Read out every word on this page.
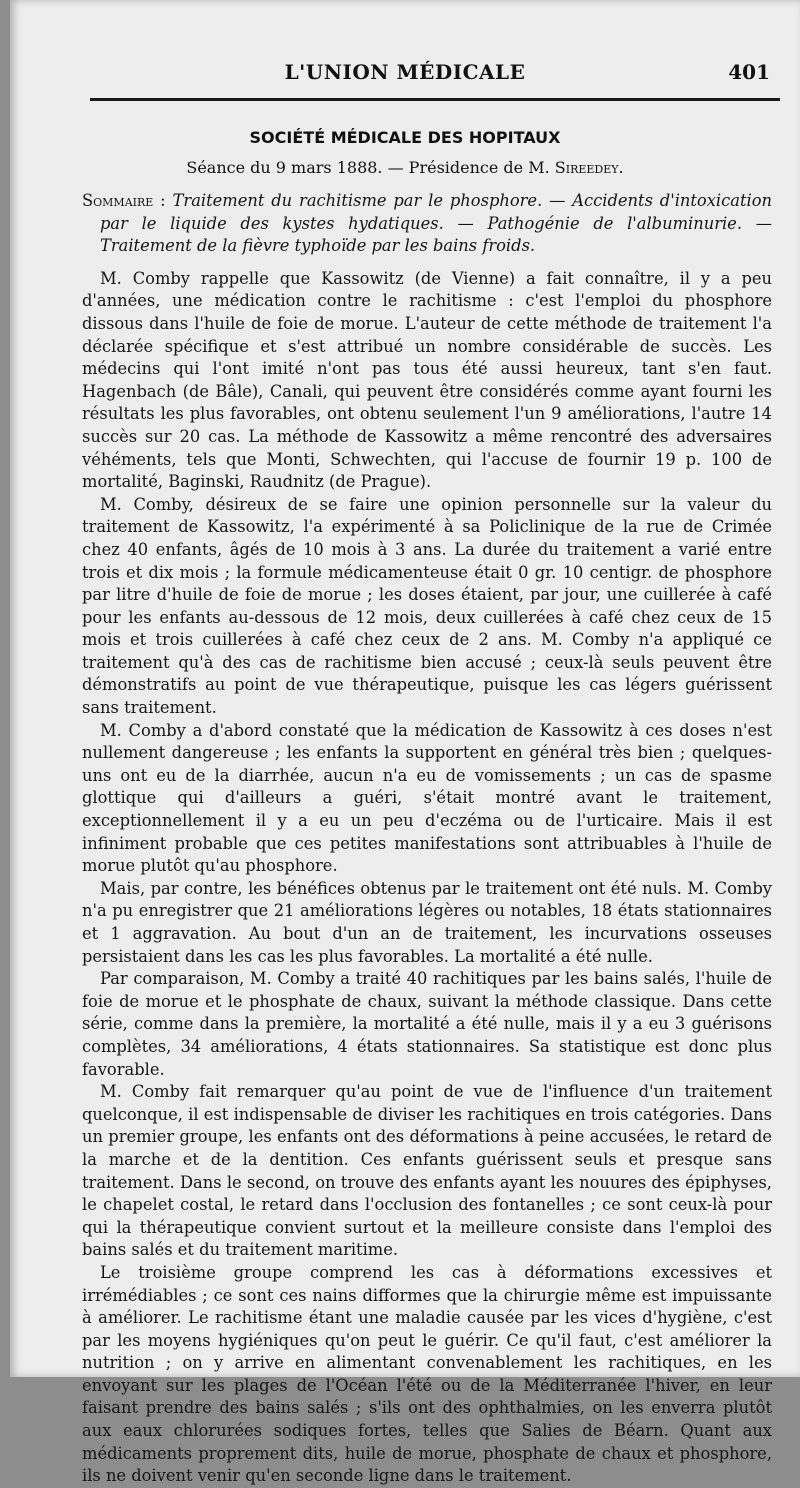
L'UNION MÉDICALE	401
SOCIÉTÉ MÉDICALE DES HOPITAUX
Séance du 9 mars 1888. — Présidence de M. Sireedey.
Sommaire : Traitement du rachitisme par le phosphore. — Accidents d'intoxication par le liquide des kystes hydatiques. — Pathogénie de l'albuminurie. — Traitement de la fièvre typhoïde par les bains froids.

M. Comby rappelle que Kassowitz (de Vienne) a fait connaître, il y a peu d'années, une médication contre le rachitisme : c'est l'emploi du phosphore dissous dans l'huile de foie de morue. L'auteur de cette méthode de traitement l'a déclarée spécifique et s'est attribué un nombre considérable de succès. Les médecins qui l'ont imité n'ont pas tous été aussi heureux, tant s'en faut. Hagenbach (de Bâle), Canali, qui peuvent être considérés comme ayant fourni les résultats les plus favorables, ont obtenu seulement l'un 9 améliorations, l'autre 14 succès sur 20 cas. La méthode de Kassowitz a même rencontré des adversaires véhéments, tels que Monti, Schwechten, qui l'accuse de fournir 19 p. 100 de mortalité, Baginski, Raudnitz (de Prague).

M. Comby, désireux de se faire une opinion personnelle sur la valeur du traitement de Kassowitz, l'a expérimenté à sa Policlinique de la rue de Crimée chez 40 enfants, âgés de 10 mois à 3 ans. La durée du traitement a varié entre trois et dix mois ; la formule médicamenteuse était 0 gr. 10 centigr. de phosphore par litre d'huile de foie de morue ; les doses étaient, par jour, une cuillerée à café pour les enfants au-dessous de 12 mois, deux cuillerées à café chez ceux de 15 mois et trois cuillerées à café chez ceux de 2 ans. M. Comby n'a appliqué ce traitement qu'à des cas de rachitisme bien accusé ; ceux-là seuls peuvent être démonstratifs au point de vue thérapeutique, puisque les cas légers guérissent sans traitement.

M. Comby a d'abord constaté que la médication de Kassowitz à ces doses n'est nullement dangereuse ; les enfants la supportent en général très bien ; quelques-uns ont eu de la diarrhée, aucun n'a eu de vomissements ; un cas de spasme glottique qui d'ailleurs a guéri, s'était montré avant le traitement, exceptionnellement il y a eu un peu d'eczéma ou de l'urticaire. Mais il est infiniment probable que ces petites manifestations sont attribuables à l'huile de morue plutôt qu'au phosphore.

Mais, par contre, les bénéfices obtenus par le traitement ont été nuls. M. Comby n'a pu enregistrer que 21 améliorations légères ou notables, 18 états stationnaires et 1 aggravation. Au bout d'un an de traitement, les incurvations osseuses persistaient dans les cas les plus favorables. La mortalité a été nulle.

Par comparaison, M. Comby a traité 40 rachitiques par les bains salés, l'huile de foie de morue et le phosphate de chaux, suivant la méthode classique. Dans cette série, comme dans la première, la mortalité a été nulle, mais il y a eu 3 guérisons complètes, 34 améliorations, 4 états stationnaires. Sa statistique est donc plus favorable.

M. Comby fait remarquer qu'au point de vue de l'influence d'un traitement quelconque, il est indispensable de diviser les rachitiques en trois catégories. Dans un premier groupe, les enfants ont des déformations à peine accusées, le retard de la marche et de la dentition. Ces enfants guérissent seuls et presque sans traitement. Dans le second, on trouve des enfants ayant les nouures des épiphyses, le chapelet costal, le retard dans l'occlusion des fontanelles ; ce sont ceux-là pour qui la thérapeutique convient surtout et la meilleure consiste dans l'emploi des bains salés et du traitement maritime.

Le troisième groupe comprend les cas à déformations excessives et irrémédiables ; ce sont ces nains difformes que la chirurgie même est impuissante à améliorer. Le rachitisme étant une maladie causée par les vices d'hygiène, c'est par les moyens hygiéniques qu'on peut le guérir. Ce qu'il faut, c'est améliorer la nutrition ; on y arrive en alimentant convenablement les rachitiques, en les envoyant sur les plages de l'Océan l'été ou de la Méditerranée l'hiver, en leur faisant prendre des bains salés ; s'ils ont des ophthalmies, on les enverra plutôt aux eaux chlorurées sodiques fortes, telles que Salies de Béarn. Quant aux médicaments proprement dits, huile de morue, phosphate de chaux et phosphore, ils ne doivent venir qu'en seconde ligne dans le traitement.
